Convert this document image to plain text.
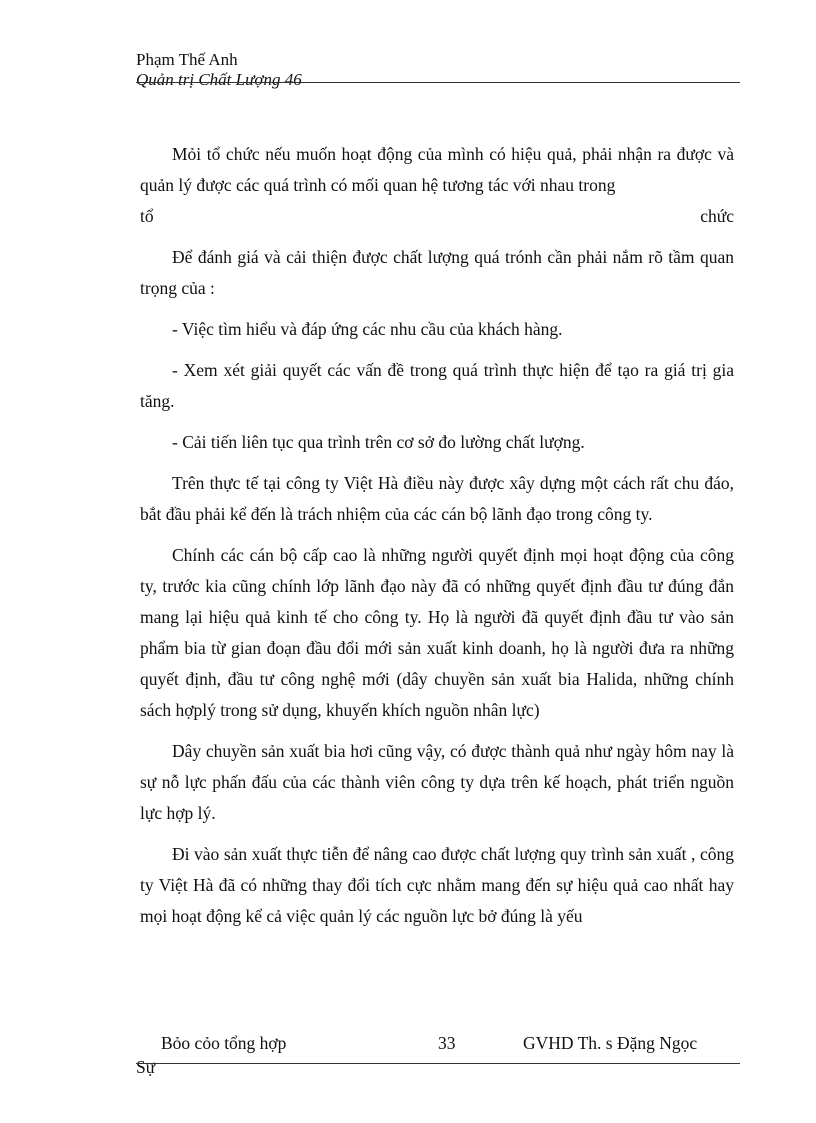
Phạm Thế Anh
Quản trị Chất Lượng 46

Mỏi tổ chức nếu muốn hoạt động của mình có hiệu quả, phải nhận ra được và quản lý được các quá trình có mối quan hệ tương tác với nhau trong

tổ	chức

Để đánh giá và cải thiện được chất lượng quá trónh cần phải nắm rõ tầm quan trọng của :

- Việc tìm hiểu và đáp ứng các nhu cầu của khách hàng.

- Xem xét giải quyết các vấn đề trong quá trình thực hiện để tạo ra giá trị gia tăng.

- Cải tiến liên tục qua trình trên cơ sở đo lường chất lượng.

Trên thực tế tại công ty Việt Hà điều này được xây dựng một cách rất chu đáo, bắt đầu phải kể đến là trách nhiệm của các cán bộ lãnh đạo trong công ty.

Chính các cán bộ cấp cao là những người quyết định mọi hoạt động của công ty, trước kia cũng chính lớp lãnh đạo này đã có những quyết định đầu tư đúng đắn mang lại hiệu quả kinh tế cho công ty. Họ là người đã quyết định đầu tư vào sản phẩm bia từ gian đoạn đầu đổi mới sản xuất kinh doanh, họ là người đưa ra những quyết định, đầu tư công nghệ mới (dây chuyền sản xuất bia Halida, những chính sách hợplý trong sử dụng, khuyến khích nguồn nhân lực)

Dây chuyền sản xuất bia hơi cũng vậy, có được thành quả như ngày hôm nay là sự nỗ lực phấn đấu của các thành viên công ty dựa trên kế hoạch, phát triển nguồn lực hợp lý.

Đi vào sản xuất thực tiễn để nâng cao được chất lượng quy trình sản xuất , công ty Việt Hà đã có những thay đổi tích cực nhằm mang đến sự hiệu quả cao nhất hay mọi hoạt động kể cả việc quản lý các nguồn lực bở đúng là yếu

Bỏo cỏo tổng hợp	33	GVHD Th. s Đặng Ngọc
Sự
